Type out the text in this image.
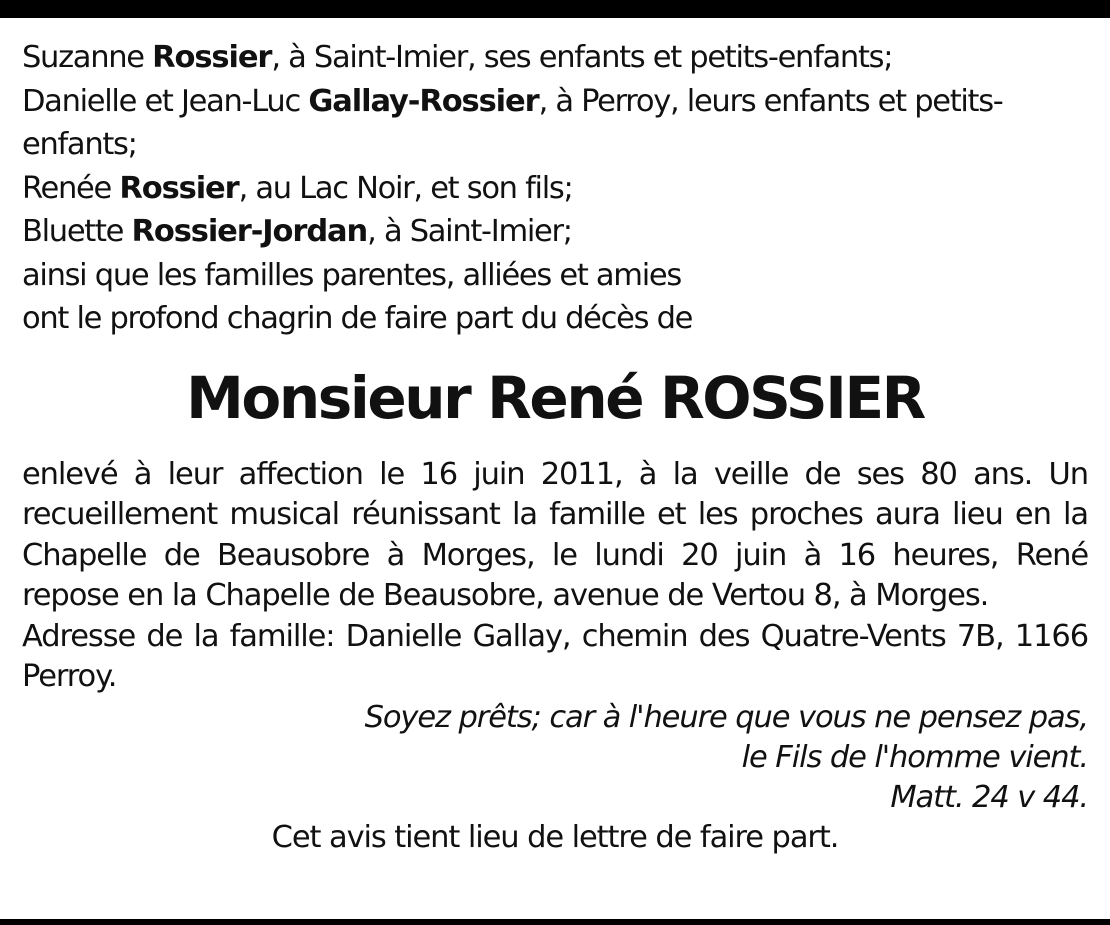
Suzanne Rossier, à Saint-Imier, ses enfants et petits-enfants;
Danielle et Jean-Luc Gallay-Rossier, à Perroy, leurs enfants et petits-
enfants;
Renée Rossier, au Lac Noir, et son fils;
Bluette Rossier-Jordan, à Saint-Imier;
ainsi que les familles parentes, alliées et amies
ont le profond chagrin de faire part du décès de
Monsieur René ROSSIER

enlevé à leur affection le 16 juin 2011, à la veille de ses 80 ans. Un recueillement musical réunissant la famille et les proches aura lieu en la Chapelle de Beausobre à Morges, le lundi 20 juin à 16 heures, René repose en la Chapelle de Beausobre, avenue de Vertou 8, à Morges.

Adresse de la famille: Danielle Gallay, chemin des Quatre-Vents 7B, 1166 Perroy.

Soyez prêts; car à l'heure que vous ne pensez pas,
le Fils de l'homme vient.
Matt. 24 v 44.
Cet avis tient lieu de lettre de faire part.
